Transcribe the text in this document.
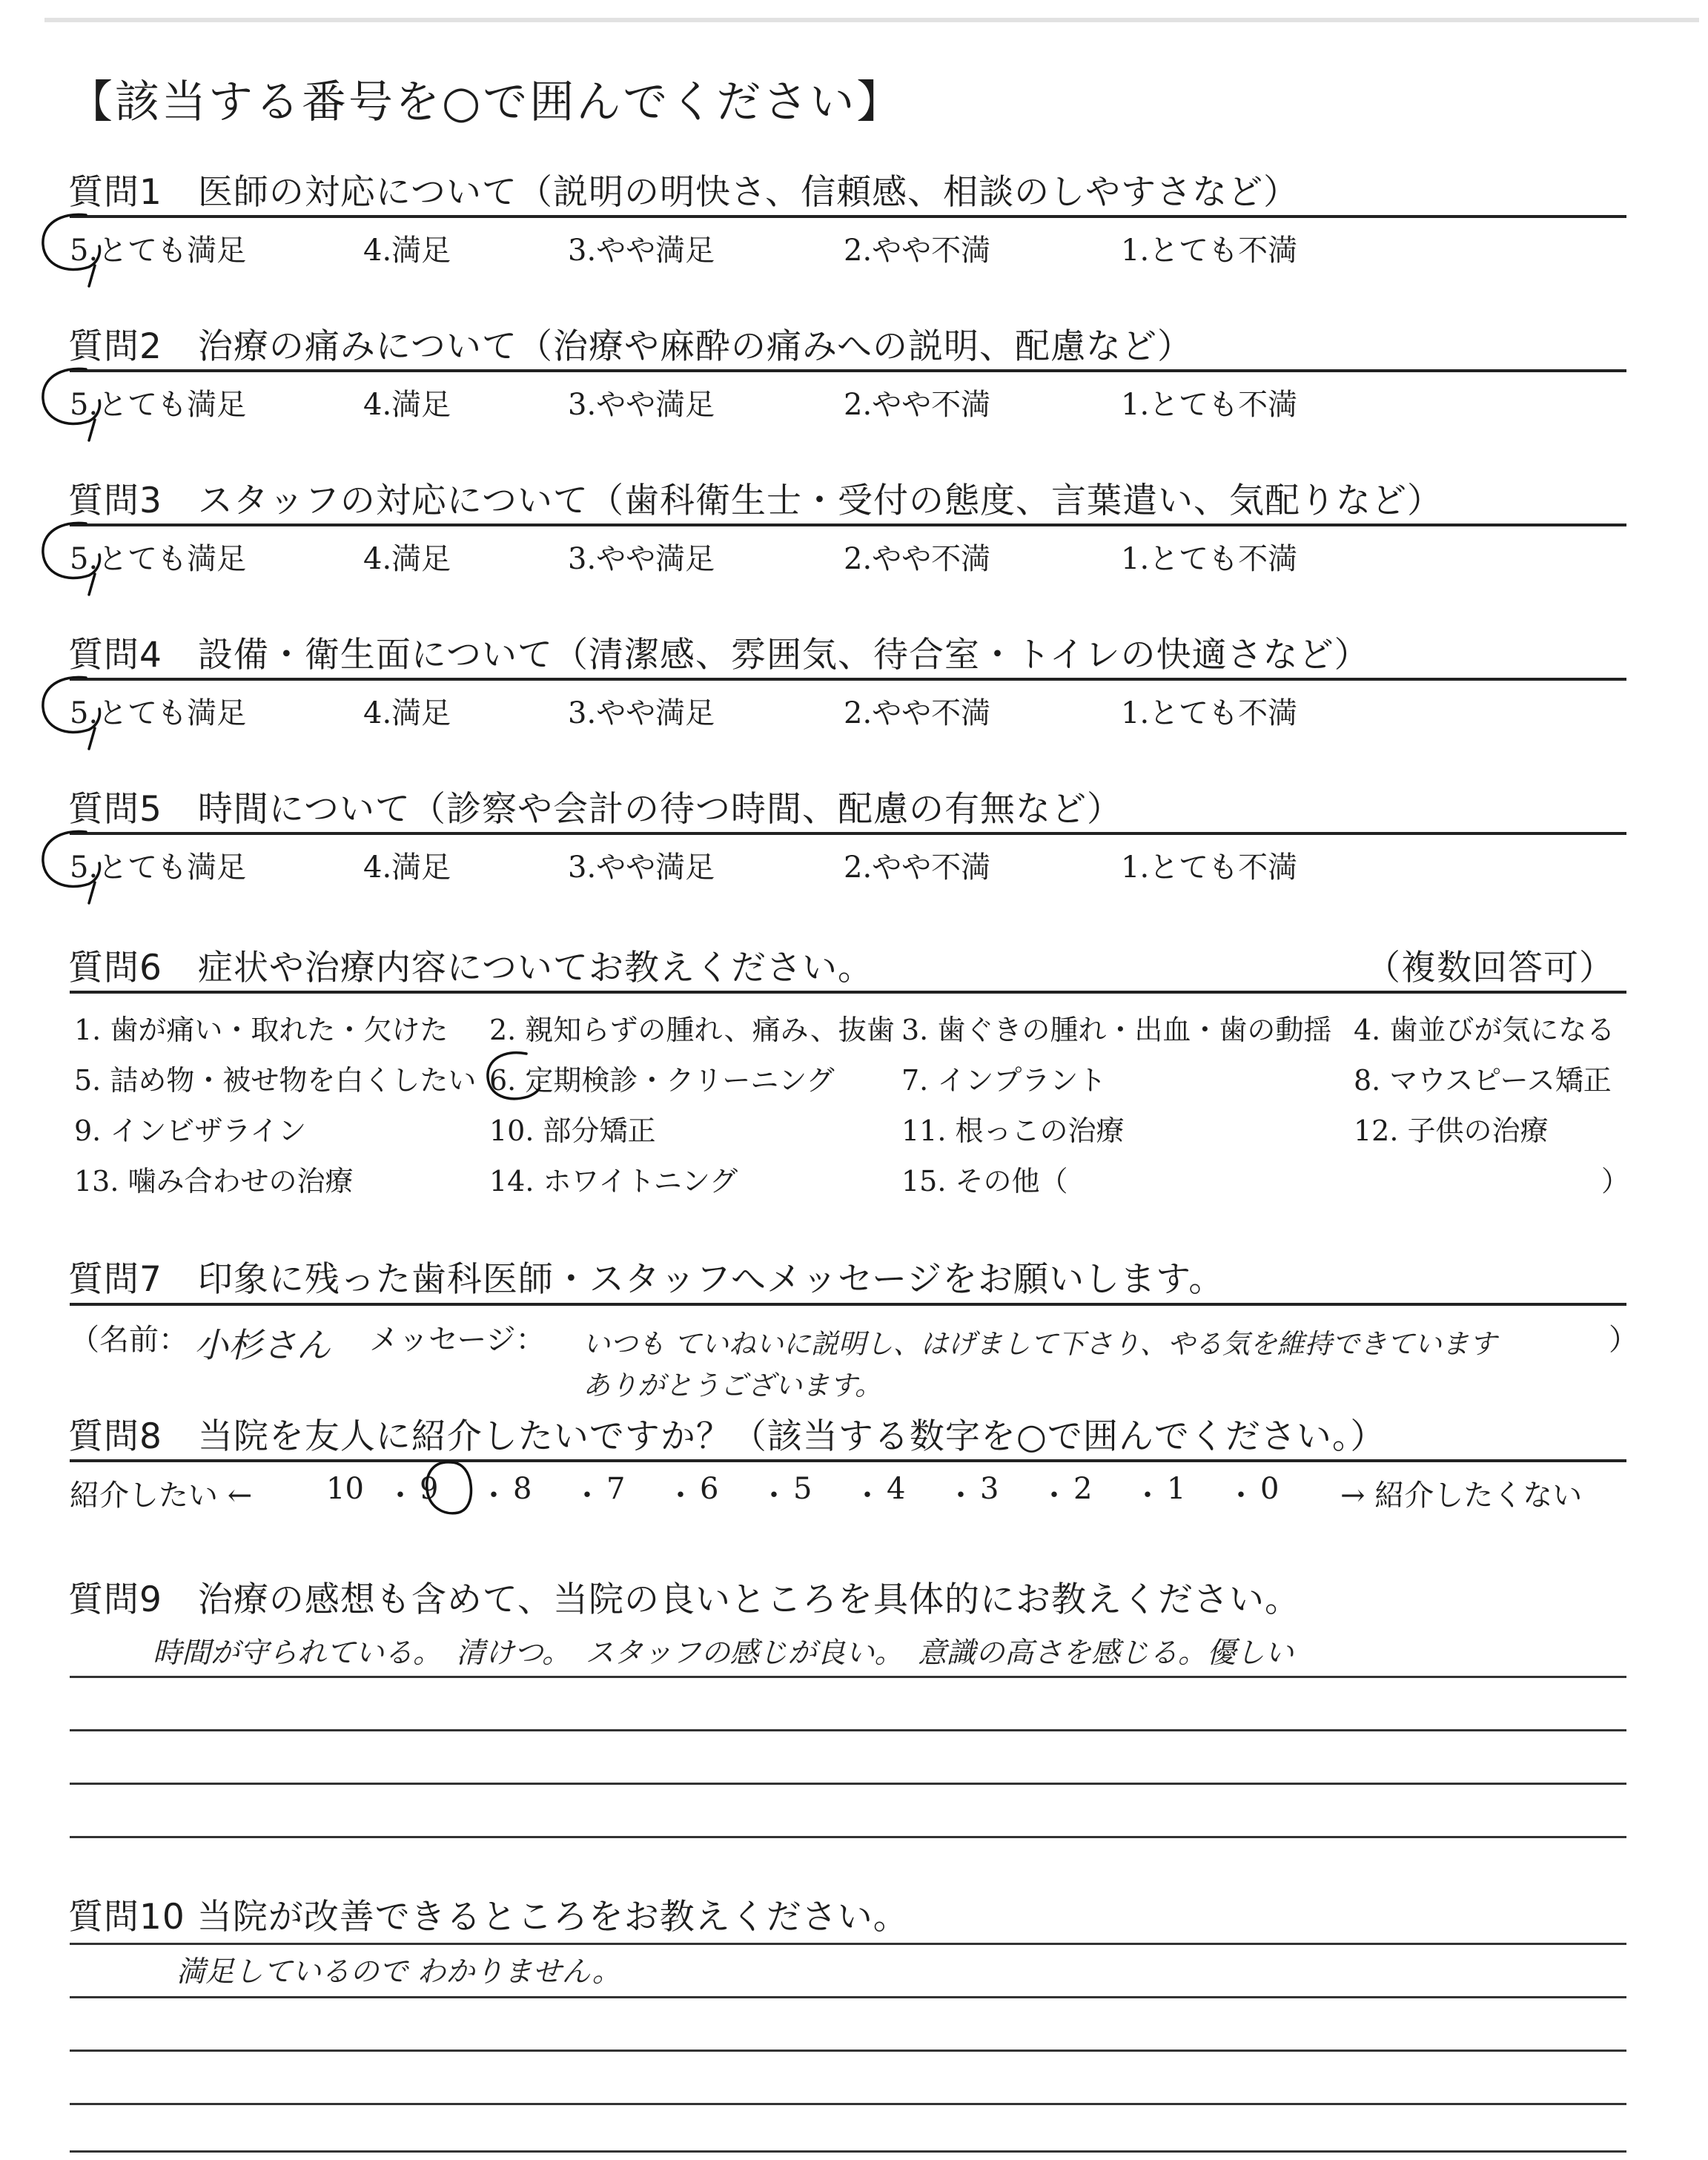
【該当する番号を○で囲んでください】
質問1　医師の対応について（説明の明快さ、信頼感、相談のしやすさなど）
5.とても満足	4.満足	3.やや満足	2.やや不満	1.とても不満
質問2　治療の痛みについて（治療や麻酔の痛みへの説明、配慮など）
5.とても満足	4.満足	3.やや満足	2.やや不満	1.とても不満
質問3　スタッフの対応について（歯科衛生士・受付の態度、言葉遣い、気配りなど）
5.とても満足	4.満足	3.やや満足	2.やや不満	1.とても不満
質問4　設備・衛生面について（清潔感、雰囲気、待合室・トイレの快適さなど）
5.とても満足	4.満足	3.やや満足	2.やや不満	1.とても不満
質問5　時間について（診察や会計の待つ時間、配慮の有無など）
5.とても満足	4.満足	3.やや満足	2.やや不満	1.とても不満
質問6　症状や治療内容についてお教えください。	（複数回答可）
1. 歯が痛い・取れた・欠けた 2. 親知らずの腫れ、痛み、抜歯 3. 歯ぐきの腫れ・出血・歯の動揺 4. 歯並びが気になる
5. 詰め物・被せ物を白くしたい 6. 定期検診・クリーニング 7. インプラント	8. マウスピース矯正
9. インビザライン	10. 部分矯正	11. 根っこの治療	12. 子供の治療
13. 噛み合わせの治療	14. ホワイトニング	15. その他（	）
質問7　印象に残った歯科医師・スタッフへメッセージをお願いします。
（名前： 小杉さん メッセージ： いつも ていねいに説明し、はげまして下さり、やる気を維持できています
ありがとうございます。
）
質問8　当院を友人に紹介したいですか？（該当する数字を○で囲んでください。）
紹介したい ← 10 ・ 9 ・ 8 ・ 7 ・ 6 ・ 5 ・ 4 ・ 3 ・ 2 ・ 1 ・ 0 → 紹介したくない
質問9　治療の感想も含めて、当院の良いところを具体的にお教えください。
時間が守られている。　清けつ。　スタッフの感じが良い。　意識の高さを感じる。優しい
質問10 当院が改善できるところをお教えください。
満足しているので わかりません。
